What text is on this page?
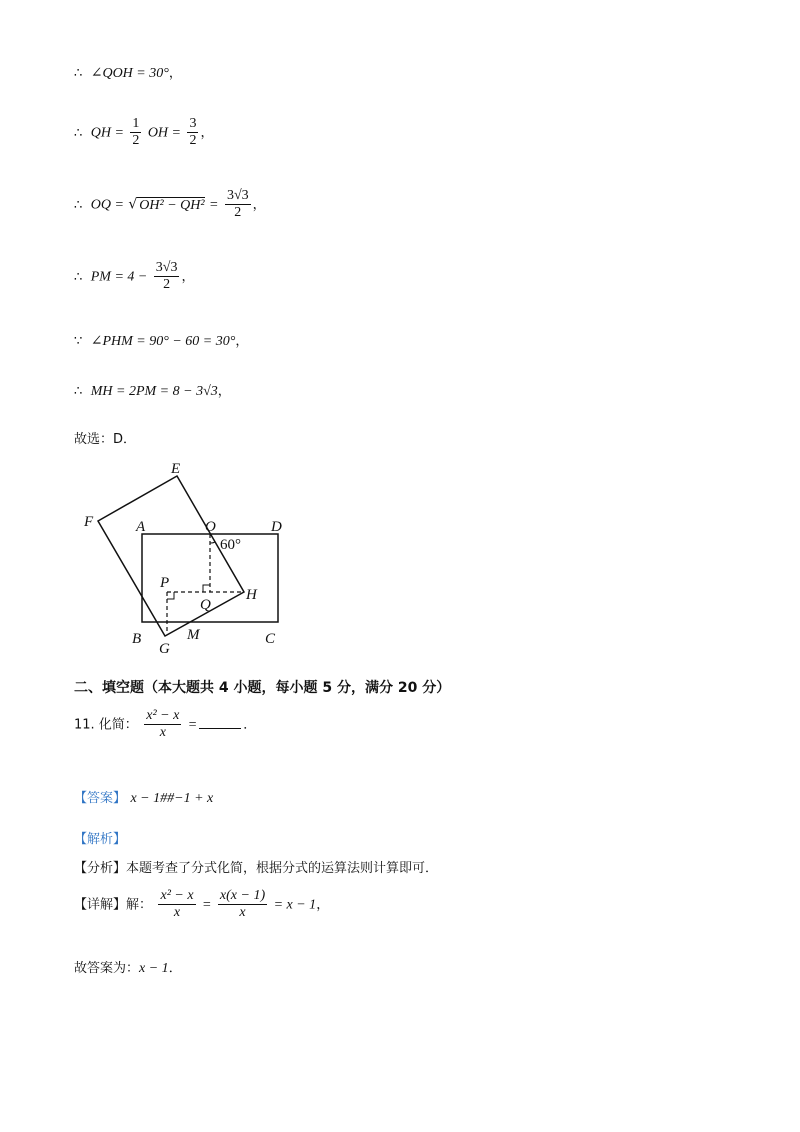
∴ ∠QOH = 30°，
∴ QH = $\frac{1}{2}$ OH = $\frac{3}{2}$ ，
∴ OQ = √ $OH^2 - QH^2 = \frac{3√3}{2}$ ，
∴ PM = $4 - \frac{3√3}{2}$ ，
∵ ∠PHM = 90° − 60 = 30°，
∴ MH = 2PM = 8 − 3√3，
故选：D．
E
F	A	O	D
60°
P
Q
H
B
G
M	C
二、填空题（本大题共 4 小题，每小题 5 分，满分 20 分）
11. 化简： $\frac{\text{x² − x}}{x}$ =	．
【答案】 x − 1##−1 + x
【解析】
【分析】本题考查了分式化简，根据分式的运算法则计算即可．
【详解】解： $\frac{\text{x² − x}}{x} = \frac{x(x - 1)}{x} = x - 1$，
故答案为：x − 1．
